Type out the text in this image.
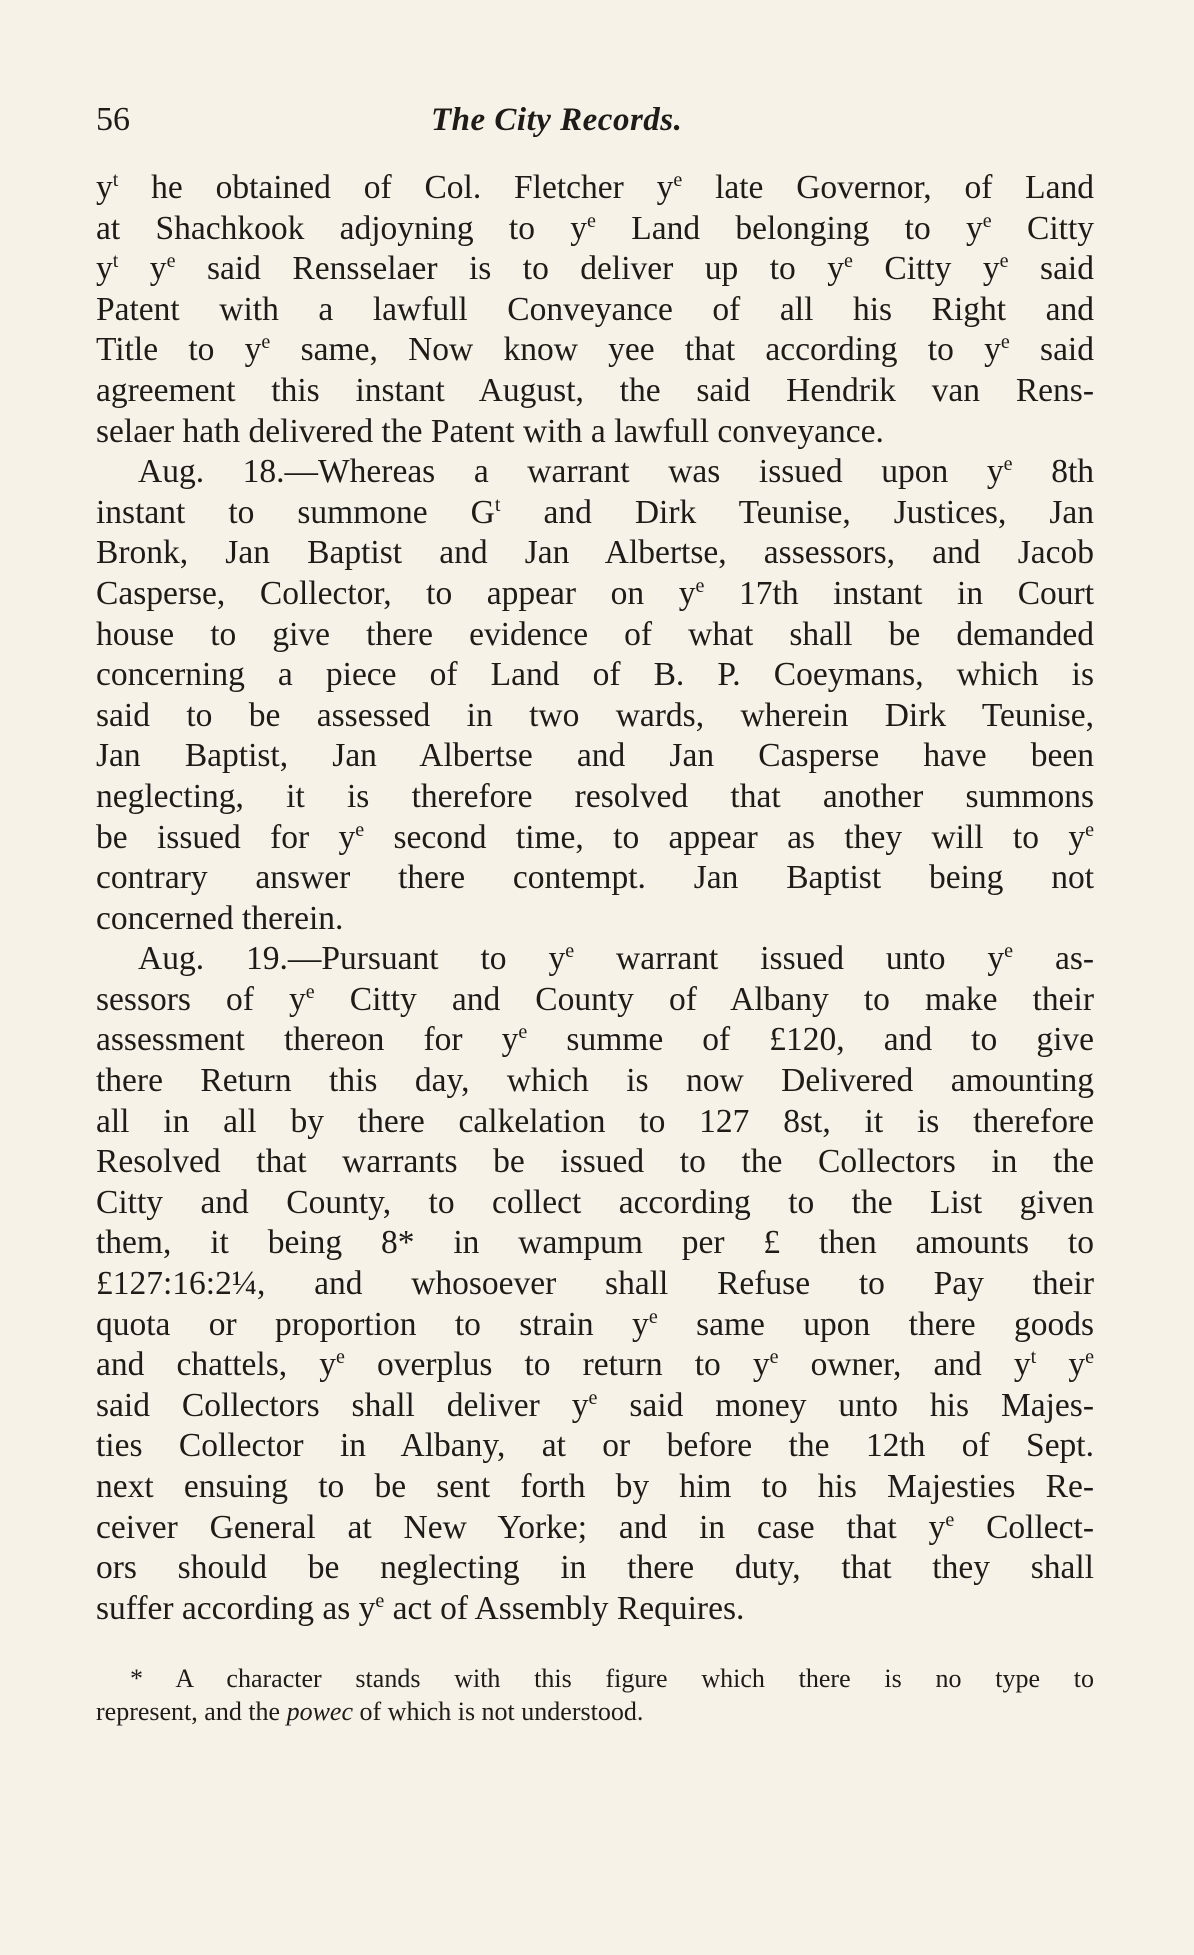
56	The City Records.
$y^t$ he obtained of Col. Fletcher $y^e$ late Governor, of Land
at Shachkook adjoyning to $y^e$ Land belonging to $y^e$ Citty
$y^t$ $y^e$ said Rensselaer is to deliver up to $y^e$ Citty $y^e$ said
Patent with a lawfull Conveyance of all his Right and
Title to $y^e$ same, Now know yee that according to $y^e$ said
agreement this instant August, the said Hendrik van Rens-
selaer hath delivered the Patent with a lawfull conveyance.
Aug. 18.—Whereas a warrant was issued upon $y^e$ 8th
instant to summone $G^t$ and Dirk Teunise, Justices, Jan
Bronk, Jan Baptist and Jan Albertse, assessors, and Jacob
Casperse, Collector, to appear on $y^e$ 17th instant in Court
house to give there evidence of what shall be demanded
concerning a piece of Land of B. P. Coeymans, which is
said to be assessed in two wards, wherein Dirk Teunise,
Jan Baptist, Jan Albertse and Jan Casperse have been
neglecting, it is therefore resolved that another summons
be issued for $y^e$ second time, to appear as they will to $y^e$
contrary answer there contempt. Jan Baptist being not
concerned therein.
Aug. 19.—Pursuant to $y^e$ warrant issued unto $y^e$ as-
sessors of $y^e$ Citty and County of Albany to make their
assessment thereon for $y^e$ summe of £120, and to give
there Return this day, which is now Delivered amounting
all in all by there calkelation to 127 8st, it is therefore
Resolved that warrants be issued to the Collectors in the
Citty and County, to collect according to the List given
them, it being 8* in wampum per £ then amounts to
£127:16:2¼, and whosoever shall Refuse to Pay their
quota or proportion to strain $y^e$ same upon there goods
and chattels, $y^e$ overplus to return to $y^e$ owner, and $y^t$ $y^e$
said Collectors shall deliver $y^e$ said money unto his Majes-
ties Collector in Albany, at or before the 12th of Sept.
next ensuing to be sent forth by him to his Majesties Re-
ceiver General at New Yorke; and in case that $y^e$ Collect-
ors should be neglecting in there duty, that they shall
suffer according as $y^e$ act of Assembly Requires.
* A character stands with this figure which there is no type to
represent, and the powec of which is not understood.
